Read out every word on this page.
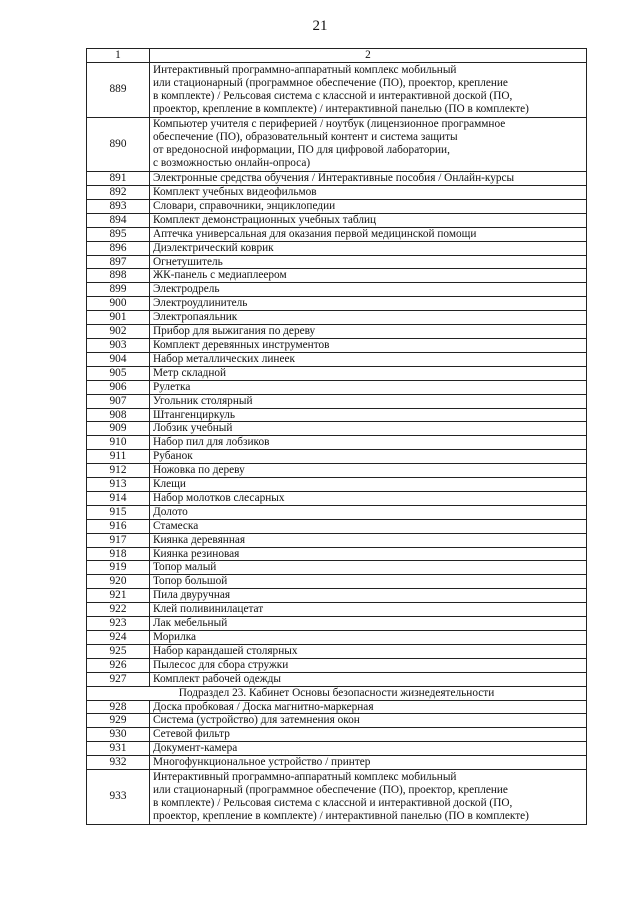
21
1	2
889	Интерактивный программно-аппаратный комплекс мобильный
или стационарный (программное обеспечение (ПО), проектор, крепление
в комплекте) / Рельсовая система с классной и интерактивной доской (ПО,
проектор, крепление в комплекте) / интерактивной панелью (ПО в комплекте)
890	Компьютер учителя с периферией / ноутбук (лицензионное программное
обеспечение (ПО), образовательный контент и система защиты
от вредоносной информации, ПО для цифровой лаборатории,
с возможностью онлайн-опроса)
891	Электронные средства обучения / Интерактивные пособия / Онлайн-курсы
892	Комплект учебных видеофильмов
893	Словари, справочники, энциклопедии
894	Комплект демонстрационных учебных таблиц
895	Аптечка универсальная для оказания первой медицинской помощи
896	Диэлектрический коврик
897	Огнетушитель
898	ЖК-панель с медиаплеером
899	Электродрель
900	Электроудлинитель
901	Электропаяльник
902	Прибор для выжигания по дереву
903	Комплект деревянных инструментов
904	Набор металлических линеек
905	Метр складной
906	Рулетка
907	Угольник столярный
908	Штангенциркуль
909	Лобзик учебный
910	Набор пил для лобзиков
911	Рубанок
912	Ножовка по дереву
913	Клещи
914	Набор молотков слесарных
915	Долото
916	Стамеска
917	Киянка деревянная
918	Киянка резиновая
919	Топор малый
920	Топор большой
921	Пила двуручная
922	Клей поливинилацетат
923	Лак мебельный
924	Морилка
925	Набор карандашей столярных
926	Пылесос для сбора стружки
927	Комплект рабочей одежды
Подраздел 23. Кабинет Основы безопасности жизнедеятельности	
928	Доска пробковая / Доска магнитно-маркерная
929	Система (устройство) для затемнения окон
930	Сетевой фильтр
931	Документ-камера
932	Многофункциональное устройство / принтер
933	Интерактивный программно-аппаратный комплекс мобильный
или стационарный (программное обеспечение (ПО), проектор, крепление
в комплекте) / Рельсовая система с классной и интерактивной доской (ПО,
проектор, крепление в комплекте) / интерактивной панелью (ПО в комплекте)
